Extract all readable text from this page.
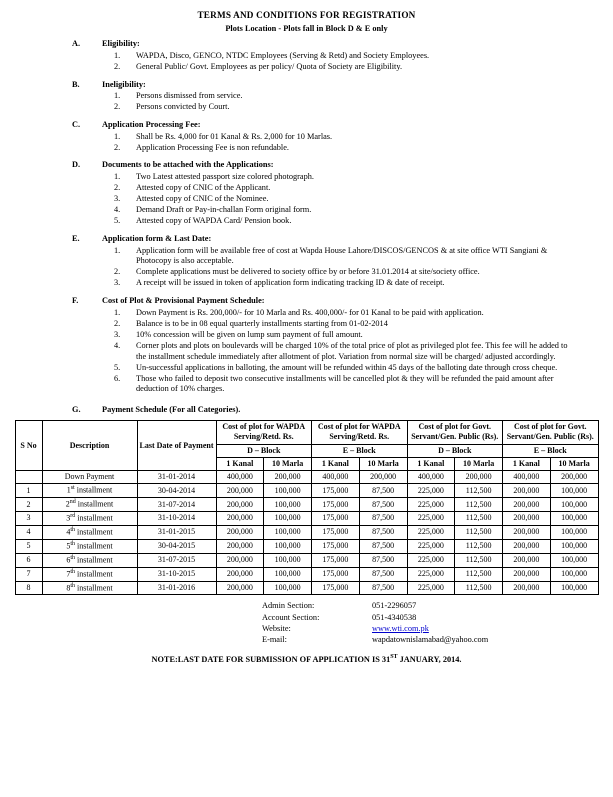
TERMS AND CONDITIONS FOR REGISTRATION
Plots Location - Plots fall in Block D & E only
A.	Eligibility:
1.	WAPDA, Disco, GENCO, NTDC Employees (Serving & Retd) and Society Employees.
2.	General Public/ Govt. Employees as per policy/ Quota of Society are Eligibility.
B.	Ineligibility:
1.	Persons dismissed from service.
2.	Persons convicted by Court.
C.	Application Processing Fee:
1.	Shall be Rs. 4,000 for 01 Kanal & Rs. 2,000 for 10 Marlas.
2.	Application Processing Fee is non refundable.
D.	Documents to be attached with the Applications:
1.	Two Latest attested passport size colored photograph.
2.	Attested copy of CNIC of the Applicant.
3.	Attested copy of CNIC of the Nominee.
4.	Demand Draft or Pay-in-challan Form original form.
5.	Attested copy of WAPDA Card/ Pension book.
E.	Application form & Last Date:
1.	Application form will be available free of cost at Wapda House Lahore/DISCOS/GENCOS & at site office WTI Sangiani & Photocopy is also acceptable.
2.	Complete applications must be delivered to society office by or before 31.01.2014 at site/society office.
3.	A receipt will be issued in token of application form indicating tracking ID & date of receipt.
F.	Cost of Plot & Provisional Payment Schedule:
1.	Down Payment is Rs. 200,000/- for 10 Marla and Rs. 400,000/- for 01 Kanal to be paid with application.
2.	Balance is to be in 08 equal quarterly installments starting from 01-02-2014
3.	10% concession will be given on lump sum payment of full amount.
4.	Corner plots and plots on boulevards will be charged 10% of the total price of plot as privileged plot fee. This fee will he added to the installment schedule immediately after allotment of plot. Variation from normal size will be charged/ adjusted accordingly.
5.	Un-successful applications in balloting, the amount will be refunded within 45 days of the balloting date through cross cheque.
6.	Those who failed to deposit two consecutive installments will be cancelled plot & they will be refunded the paid amount after deduction of 10% charges.
G.	Payment Schedule (For all Categories).
S No	Description	Last Date of Payment	Cost of plot for WAPDA Serving/Retd. Rs.		Cost of plot for WAPDA Serving/Retd. Rs.		Cost of plot for Govt. Servant/Gen. Public (Rs).		Cost of plot for Govt. Servant/Gen. Public (Rs).	
			D – Block		E – Block		D – Block		E – Block	
			1 Kanal	10 Marla	1 Kanal	10 Marla	1 Kanal	10 Marla	1 Kanal	10 Marla
	Down Payment	31-01-2014	400,000	200,000	400,000	200,000	400,000	200,000	400,000	200,000
1	1st installment	30-04-2014	200,000	100,000	175,000	87,500	225,000	112,500	200,000	100,000
2	2nd installment	31-07-2014	200,000	100,000	175,000	87,500	225,000	112,500	200,000	100,000
3	3rd installment	31-10-2014	200,000	100,000	175,000	87,500	225,000	112,500	200,000	100,000
4	4th installment	31-01-2015	200,000	100,000	175,000	87,500	225,000	112,500	200,000	100,000
5	5th installment	30-04-2015	200,000	100,000	175,000	87,500	225,000	112,500	200,000	100,000
6	6th installment	31-07-2015	200,000	100,000	175,000	87,500	225,000	112,500	200,000	100,000
7	7th installment	31-10-2015	200,000	100,000	175,000	87,500	225,000	112,500	200,000	100,000
8	8th installment	31-01-2016	200,000	100,000	175,000	87,500	225,000	112,500	200,000	100,000
Admin Section:	051-2296057
Account Section:	051-4340538
Website:	www.wti.com.pk
E-mail:	wapdatownislamabad@yahoo.com
NOTE:LAST DATE FOR SUBMISSION OF APPLICATION IS 31ST JANUARY, 2014.
